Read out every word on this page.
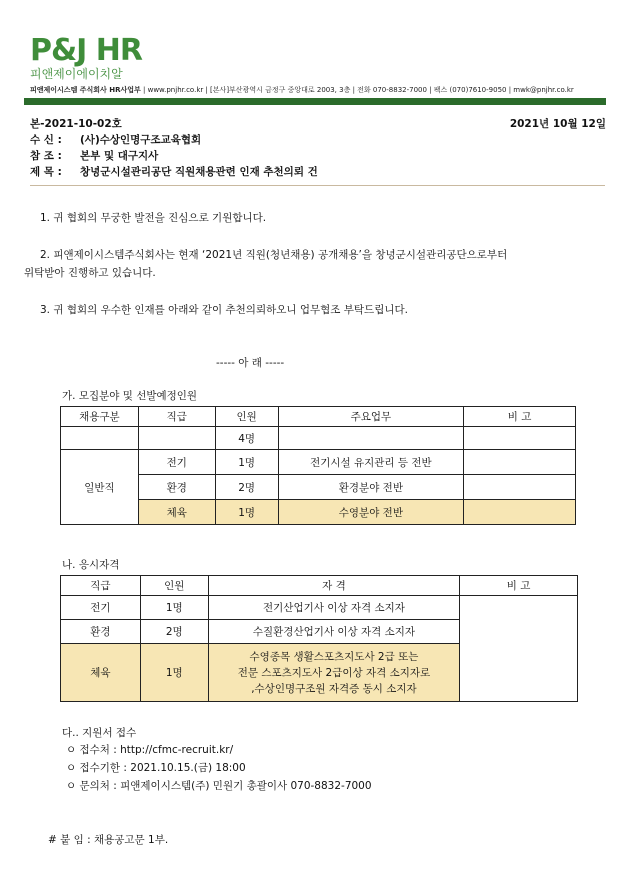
P&J HR
피앤제이에이치알
피앤제이시스템 주식회사 HR사업부 | www.pnjhr.co.kr | [본사]부산광역시 금정구 중앙대로 2003, 3층 | 전화 070-8832-7000 | 팩스 (070)7610-9050 | mwk@pnjhr.co.kr
본-2021-10-02호	2021년 10월 12일
수 신 : (사)수상인명구조교육협회
참 조 : 본부 및 대구지사
제 목 : 창녕군시설관리공단 직원채용관련 인재 추천의뢰 건
1. 귀 협회의 무궁한 발전을 진심으로 기원합니다.
2. 피앤제이시스템주식회사는 현재 ‘2021년 직원(청년채용) 공개채용’을 창녕군시설관리공단으로부터
위탁받아 진행하고 있습니다.
3. 귀 협회의 우수한 인재를 아래와 같이 추천의뢰하오니 업무협조 부탁드립니다.
----- 아 래 -----
가. 모집분야 및 선발예정인원
채용구분	직급	인원	주요업무	비 고
		4명		
일반직	전기	1명	전기시설 유지관리 등 전반	
	환경	2명	환경분야 전반	
	체육	1명	수영분야 전반	
나. 응시자격
직급	인원	자 격	비 고
전기	1명	전기산업기사 이상 자격 소지자	
환경	2명	수질환경산업기사 이상 자격 소지자	
체육	1명	수영종목 생활스포츠지도사 2급 또는
전문 스포츠지도사 2급이상 자격 소지자로
,수상인명구조원 자격증 동시 소지자	
다.. 지원서 접수
ㅇ 접수처 : http://cfmc-recruit.kr/
ㅇ 접수기한 : 2021.10.15.(금) 18:00
ㅇ 문의처 : 피앤제이시스템(주) 민원기 총괄이사 070-8832-7000
# 붙 임 : 채용공고문 1부.
